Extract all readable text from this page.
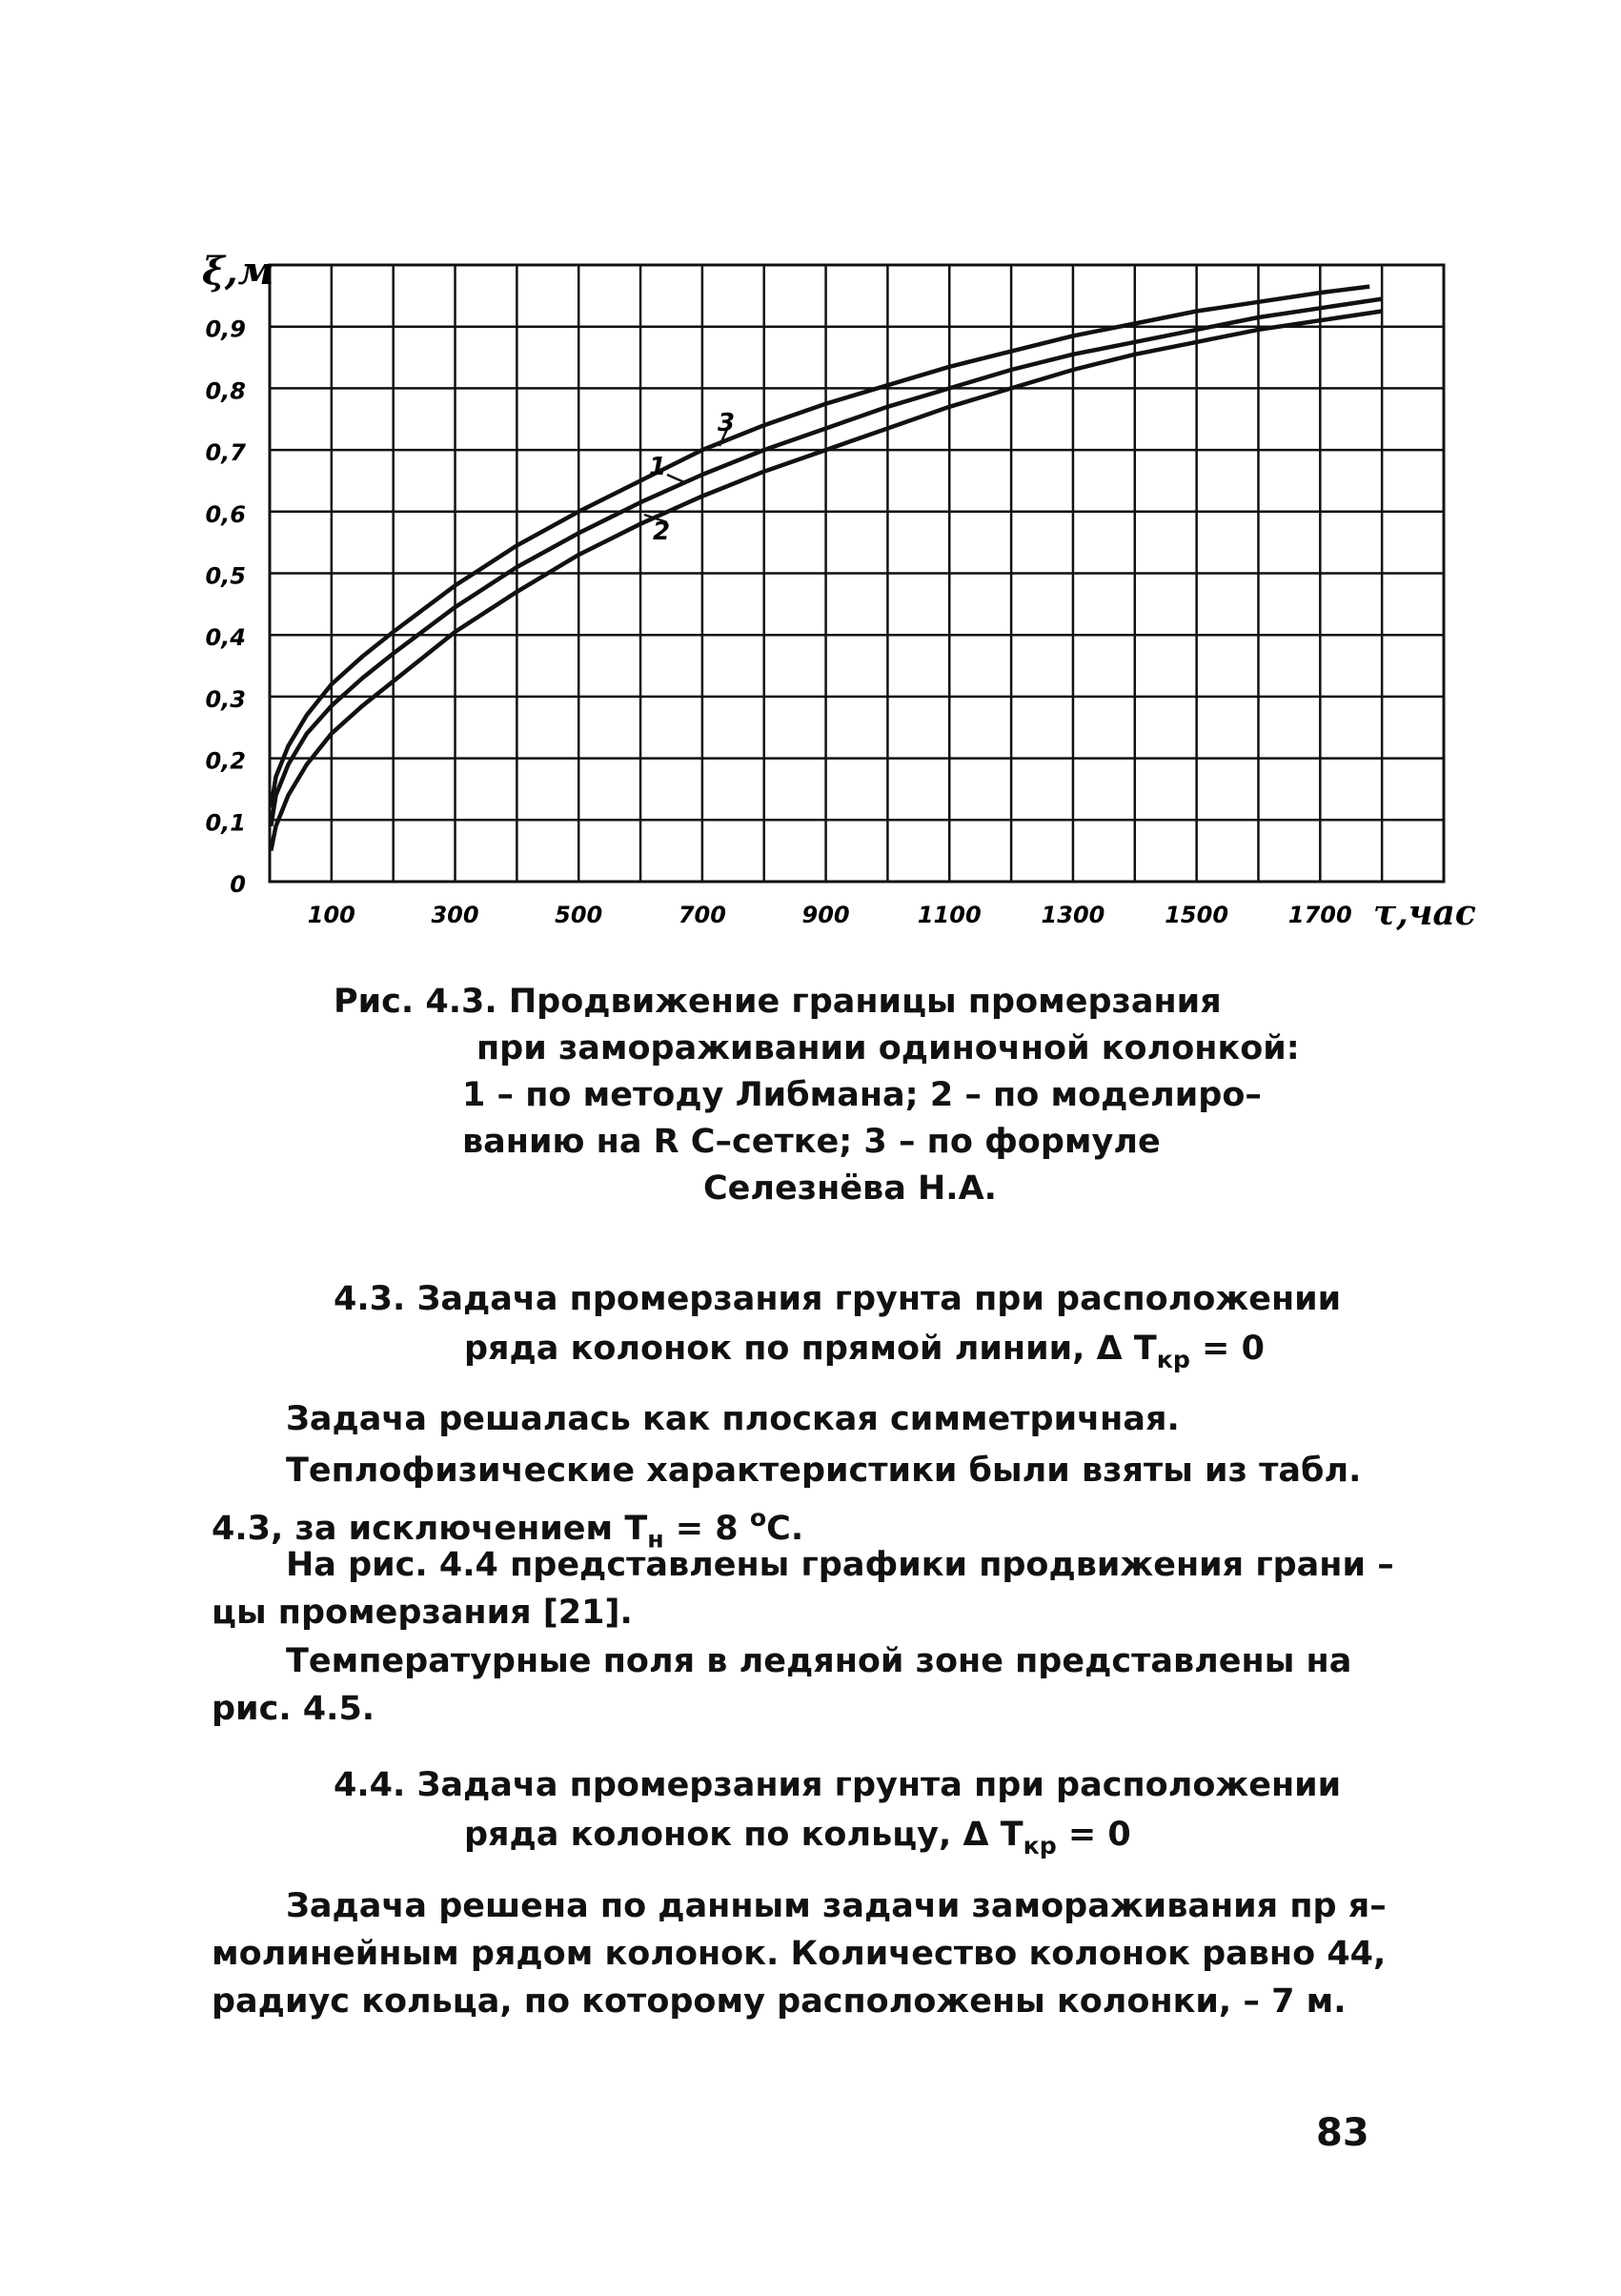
0
0,1
0,2
0,3
0,4
0,5
0,6
0,7
0,8
0,9
100	300	500	700	900	1100	1300	1500	1700
1
2
3
ξ,м
τ,час
Рис. 4.3. Продвижение границы промерзания
при замораживании одиночной колонкой:
1 – по методу Либмана; 2 – по моделиро–
ванию на R C–сетке; 3 – по формуле
Селезнёва Н.А.
4.3. Задача промерзания грунта при расположении
ряда колонок по прямой линии, Δ $T_{кр} = 0$
Задача решалась как плоская симметричная.
Теплофизические характеристики были взяты из табл.
4.3, за исключением $T_н = 8$ $^о$С.
На рис. 4.4 представлены графики продвижения грани –
цы промерзания [21].
Температурные поля в ледяной зоне представлены на
рис. 4.5.
4.4. Задача промерзания грунта при расположении
ряда колонок по кольцу, Δ $T_{кр} = 0$
Задача решена по данным задачи замораживания пр я–
молинейным рядом колонок. Количество колонок равно 44,
радиус кольца, по которому расположены колонки, – 7 м.
83
